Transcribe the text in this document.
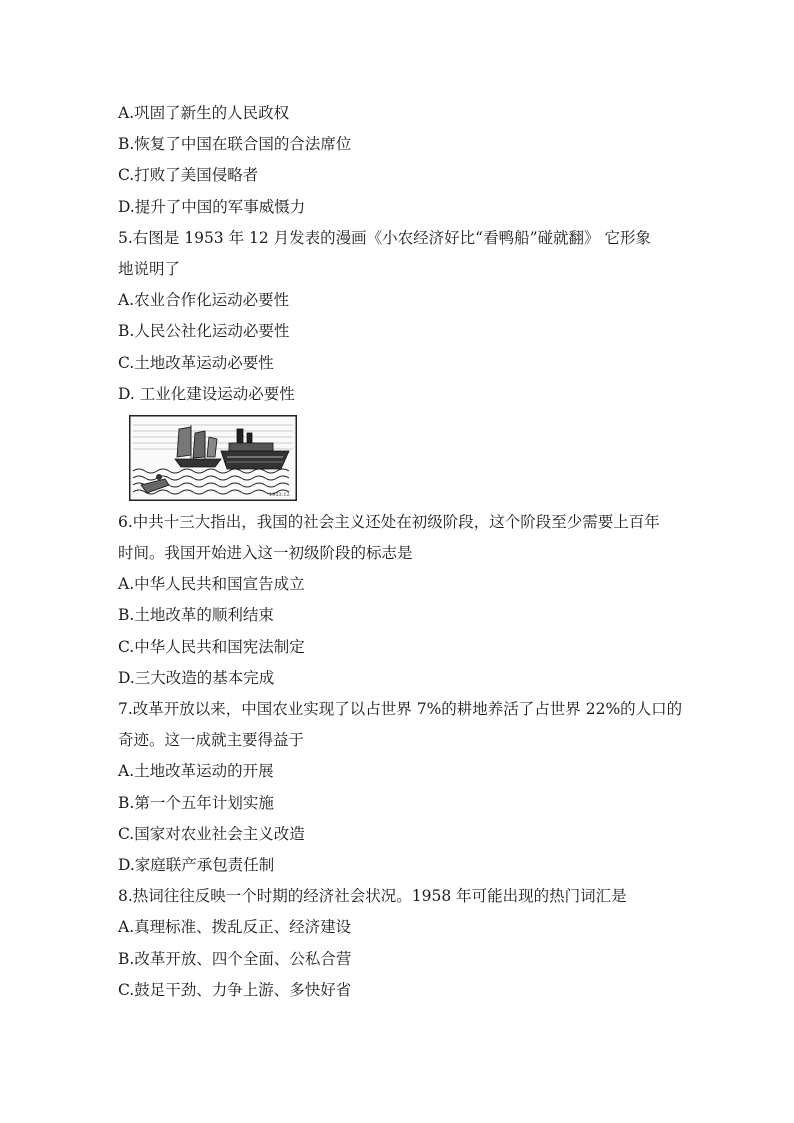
A.巩固了新生的人民政权
B.恢复了中国在联合国的合法席位
C.打败了美国侵略者
D.提升了中国的军事威慑力
5.右图是 1953 年 12 月发表的漫画《小农经济好比“看鸭船”碰就翻》 它形象
地说明了
A.农业合作化运动必要性
B.人民公社化运动必要性
C.土地改革运动必要性
D. 工业化建设运动必要性
1953.12
6.中共十三大指出，我国的社会主义还处在初级阶段，这个阶段至少需要上百年
时间。我国开始进入这一初级阶段的标志是
A.中华人民共和国宣告成立
B.土地改革的顺利结束
C.中华人民共和国宪法制定
D.三大改造的基本完成
7.改革开放以来，中国农业实现了以占世界 7%的耕地养活了占世界 22%的人口的
奇迹。这一成就主要得益于
A.土地改革运动的开展
B.第一个五年计划实施
C.国家对农业社会主义改造
D.家庭联产承包责任制
8.热词往往反映一个时期的经济社会状况。1958 年可能出现的热门词汇是
A.真理标准、拨乱反正、经济建设
B.改革开放、四个全面、公私合营
C.鼓足干劲、力争上游、多快好省
